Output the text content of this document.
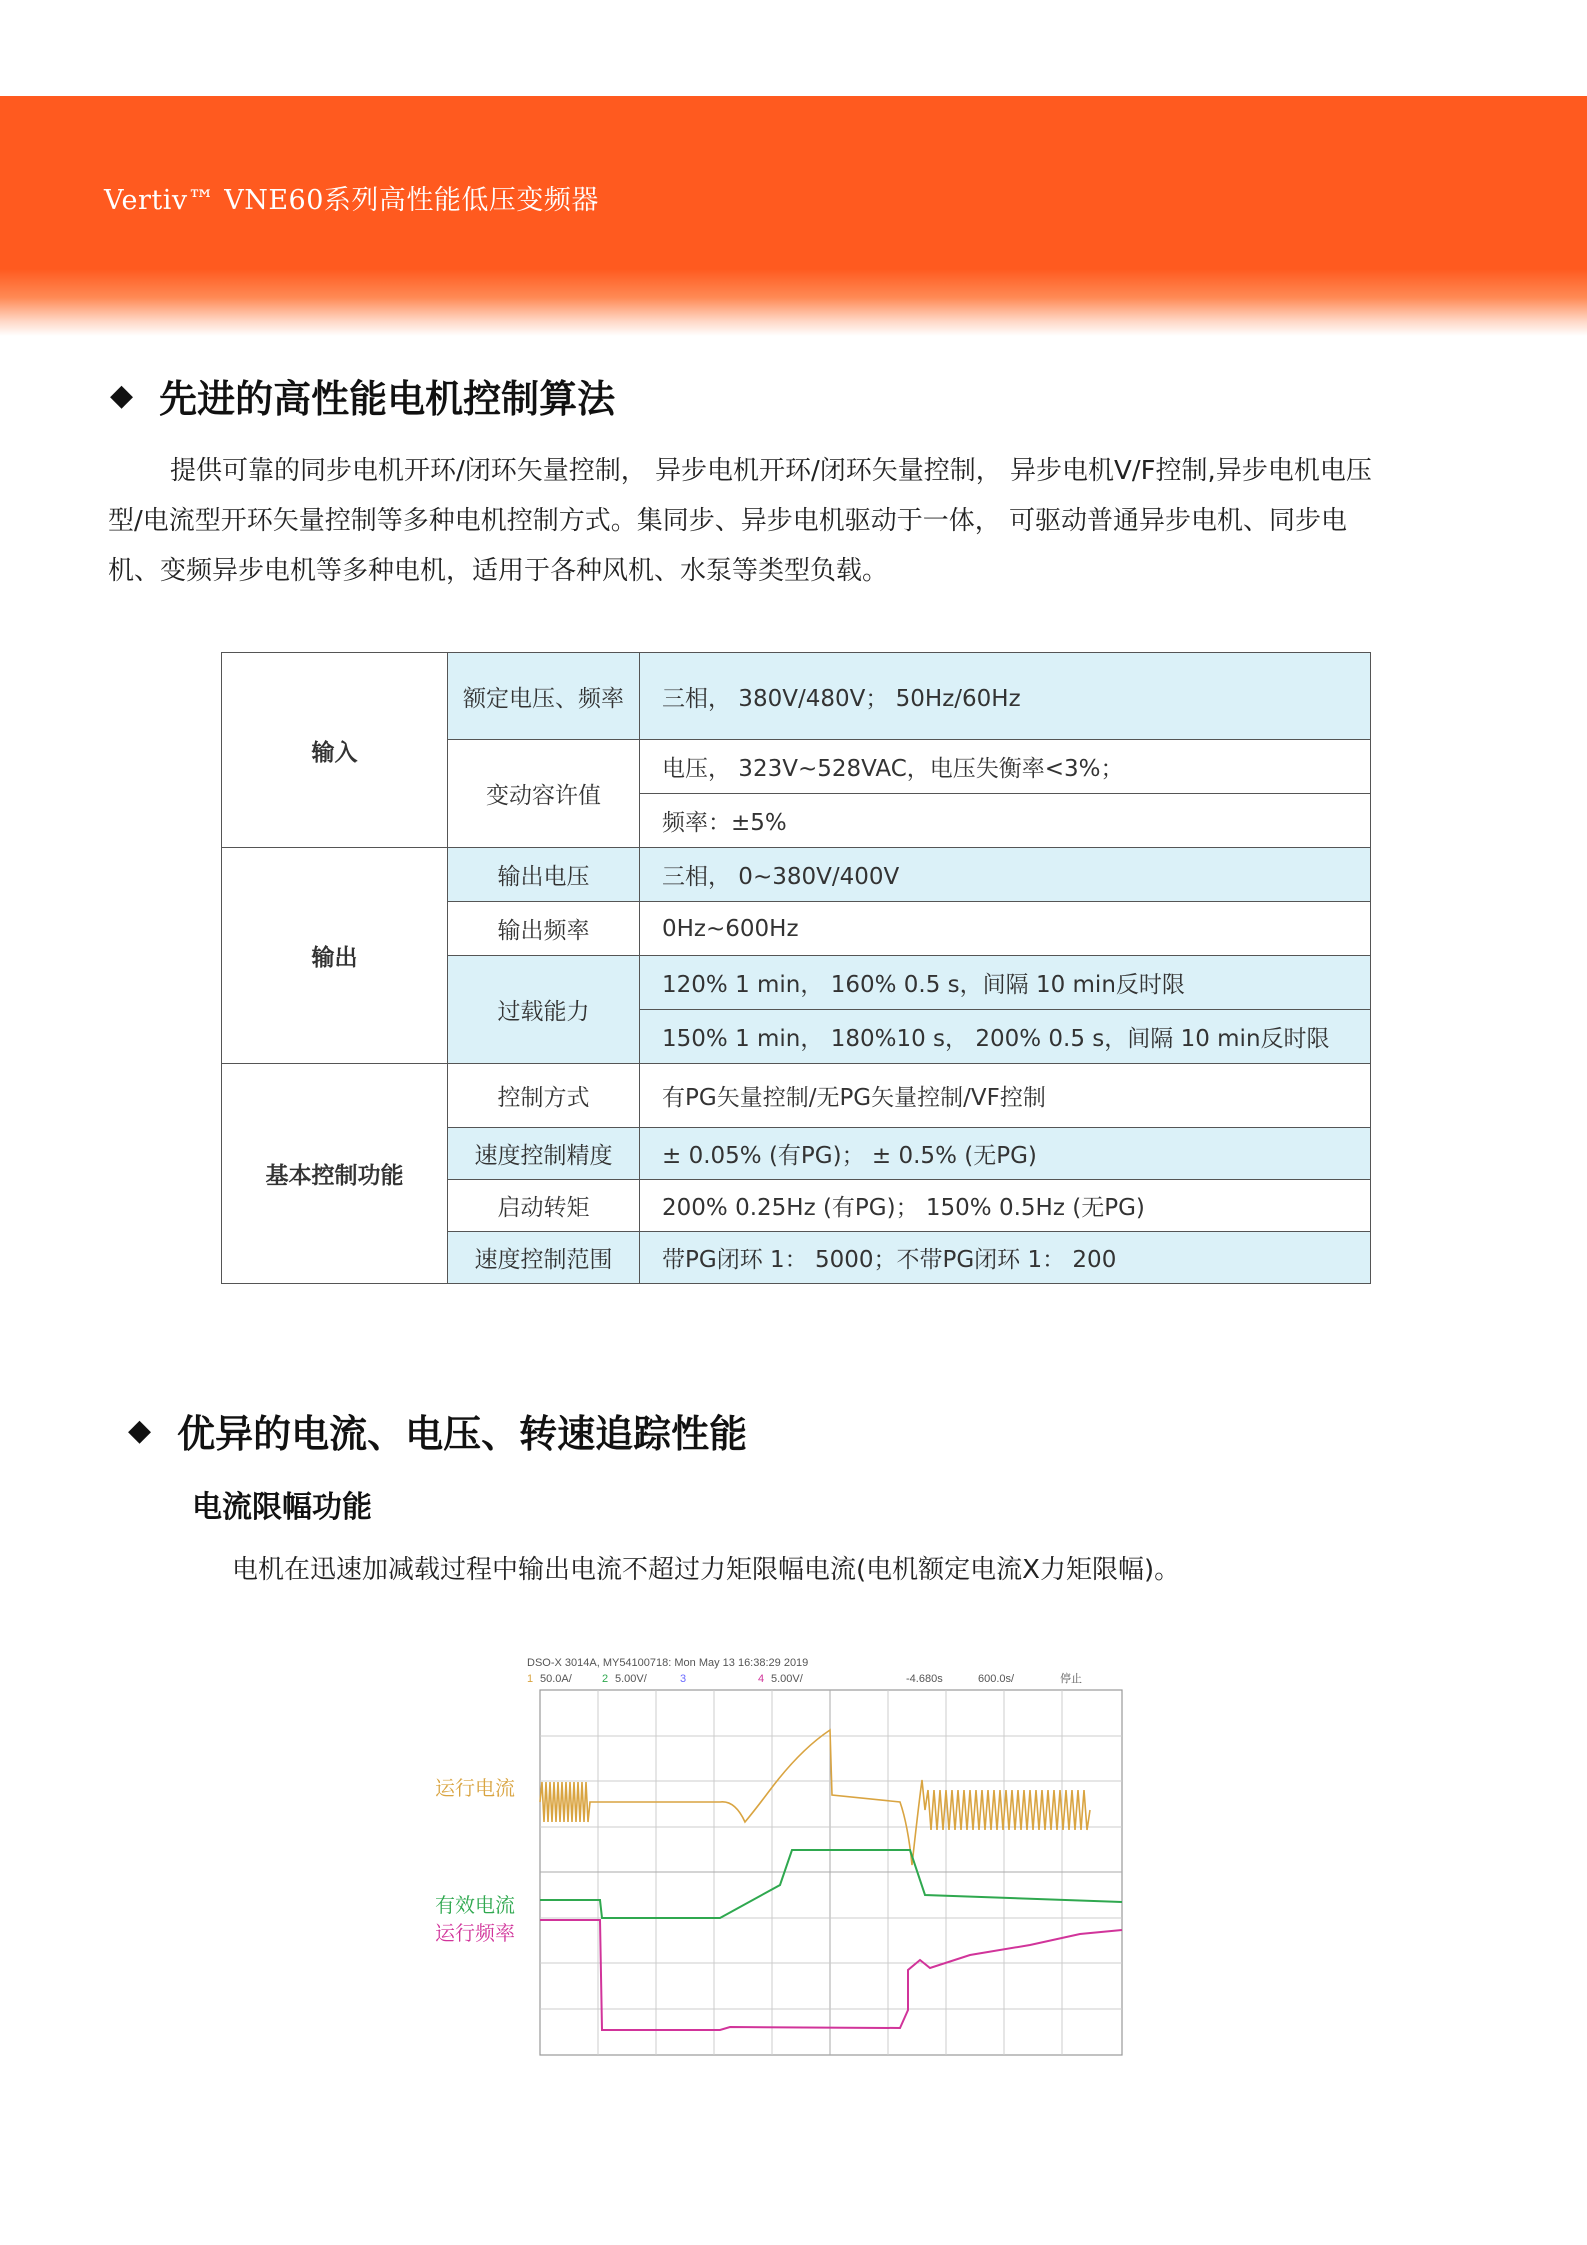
Vertiv™ VNE60系列高性能低压变频器
◆ 先进的高性能电机控制算法

提供可靠的同步电机开环/闭环矢量控制， 异步电机开环/闭环矢量控制， 异步电机V/F控制,异步电机电压

型/电流型开环矢量控制等多种电机控制方式。集同步、异步电机驱动于一体， 可驱动普通异步电机、同步电

机、变频异步电机等多种电机，适用于各种风机、水泵等类型负载。

输入	额定电压、频率	三相， 380V/480V； 50Hz/60Hz
	变动容许值	电压， 323V~528VAC，电压失衡率<3%；
		频率：±5%
输出	输出电压	三相， 0~380V/400V
	输出频率	0Hz~600Hz
	过载能力	120% 1 min， 160% 0.5 s，间隔 10 min反时限
		150% 1 min， 180%10 s， 200% 0.5 s，间隔 10 min反时限
基本控制功能	控制方式	有PG矢量控制/无PG矢量控制/VF控制
	速度控制精度	± 0.05% (有PG)； ± 0.5% (无PG)
	启动转矩	200% 0.25Hz (有PG)； 150% 0.5Hz (无PG)
	速度控制范围	带PG闭环 1： 5000；不带PG闭环 1： 200
◆ 优异的电流、电压、转速追踪性能
电流限幅功能
电机在迅速加减载过程中输出电流不超过力矩限幅电流(电机额定电流X力矩限幅)。
DSO-X 3014A, MY54100718: Mon May 13 16:38:29 2019
1 50.0A/	2 5.00V/	3	4 5.00V/	-4.680s	600.0s/	停止
运行电流
有效电流
运行频率
